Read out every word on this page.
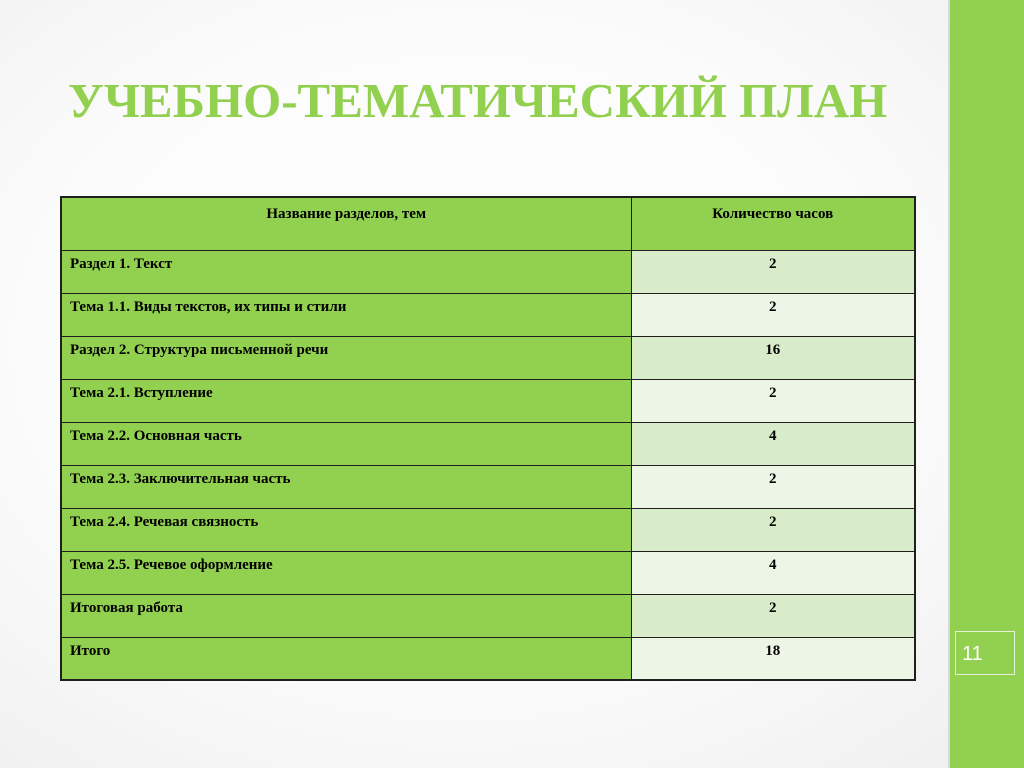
11
УЧЕБНО-ТЕМАТИЧЕСКИЙ ПЛАН
Название разделов, тем	Количество часов
Раздел 1. Текст	2
Тема 1.1. Виды текстов, их типы и стили	2
Раздел 2. Структура письменной речи	16
Тема 2.1. Вступление	2
Тема 2.2. Основная часть	4
Тема 2.3. Заключительная часть	2
Тема 2.4. Речевая связность	2
Тема 2.5. Речевое оформление	4
Итоговая работа	2
Итого	18
